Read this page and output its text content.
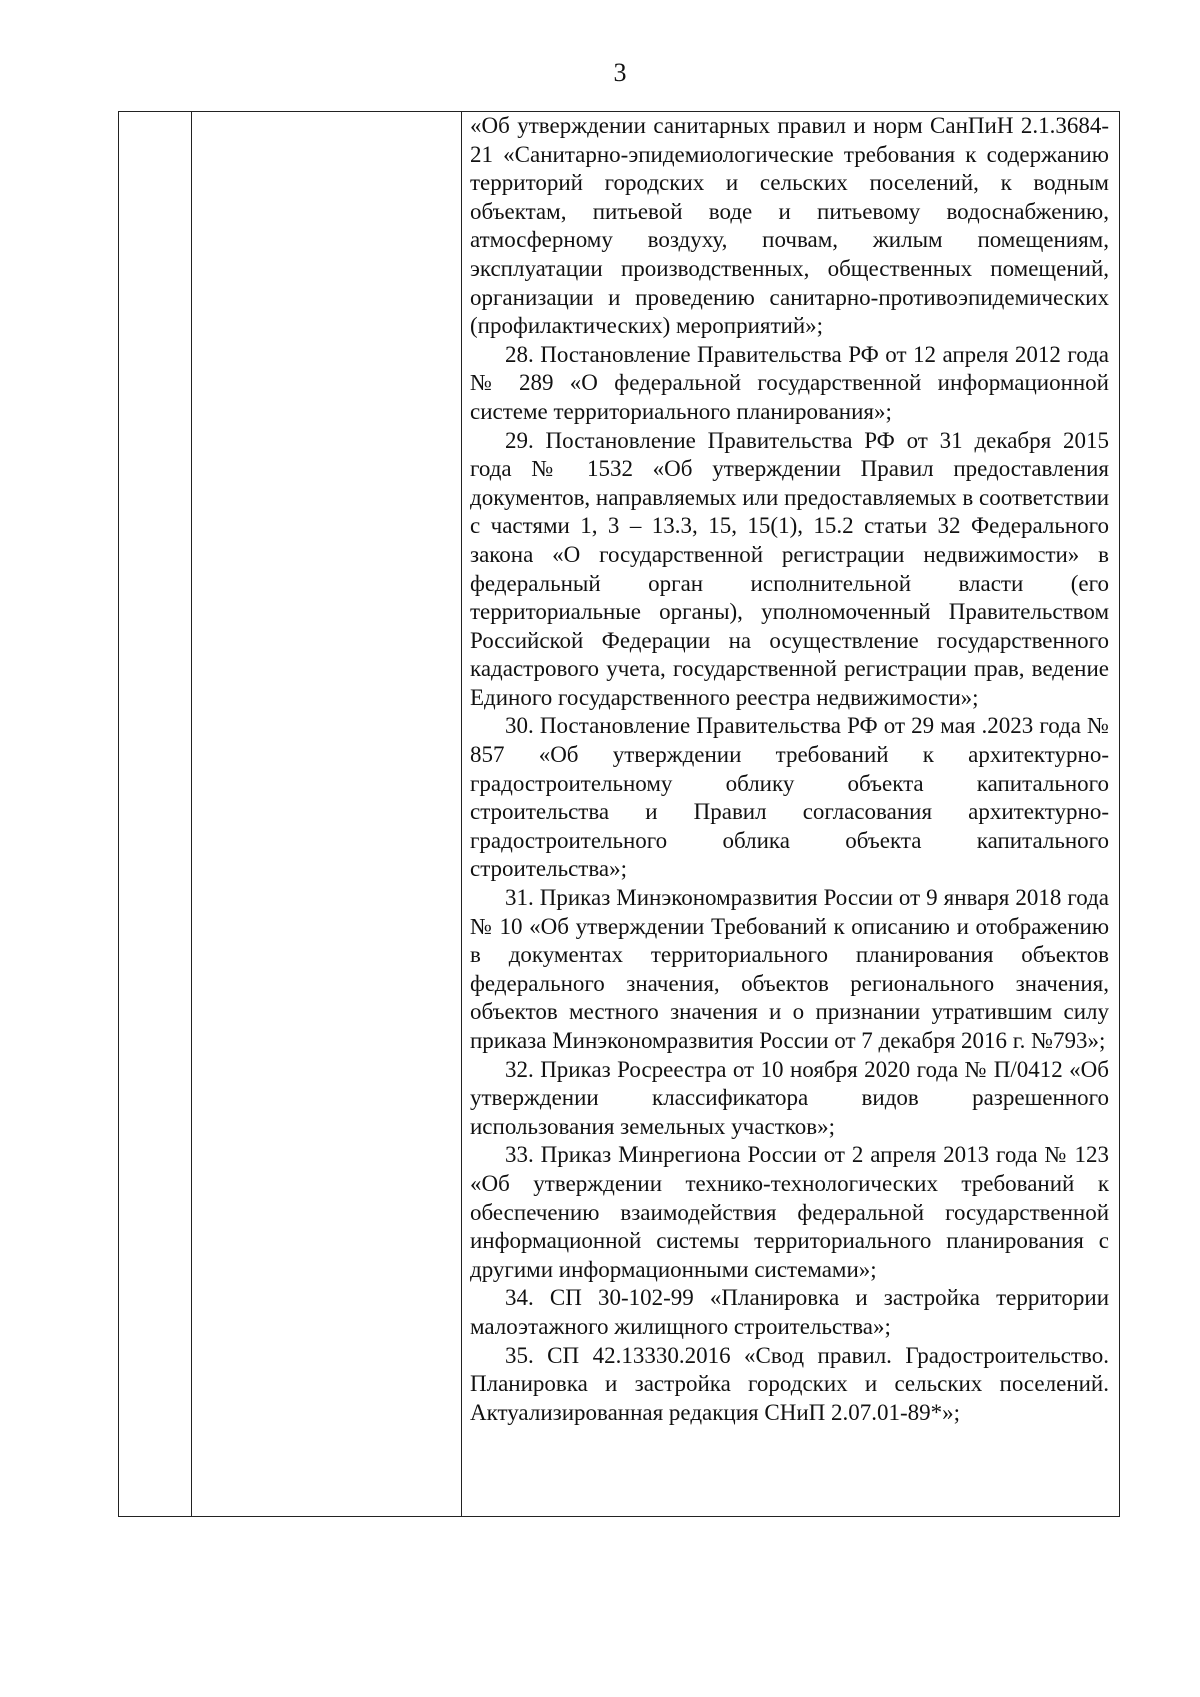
3

«Об утверждении санитарных правил и норм СанПиН 2.1.3684-21 «Санитарно-эпидемиологические требования к содержанию территорий городских и сельских поселений, к водным объектам, питьевой воде и питьевому водоснабжению, атмосферному воздуху, почвам, жилым помещениям, эксплуатации производственных, общественных помещений, организации и проведению санитарно-противоэпидемических (профилактических) мероприятий»;

28. Постановление Правительства РФ от 12 апреля 2012 года № 289 «О федеральной государственной информационной системе территориального планирования»;

29. Постановление Правительства РФ от 31 декабря 2015 года № 1532 «Об утверждении Правил предоставления документов, направляемых или предоставляемых в соответствии с частями 1, 3 – 13.3, 15, 15(1), 15.2 статьи 32 Федерального закона «О государственной регистрации недвижимости» в федеральный орган исполнительной власти (его территориальные органы), уполномоченный Правительством Российской Федерации на осуществление государственного кадастрового учета, государственной регистрации прав, ведение Единого государственного реестра недвижимости»;

30. Постановление Правительства РФ от 29 мая .2023 года № 857 «Об утверждении требований к архитектурно-градостроительному облику объекта капитального строительства и Правил согласования архитектурно-градостроительного облика объекта капитального строительства»;

31. Приказ Минэкономразвития России от 9 января 2018 года № 10 «Об утверждении Требований к описанию и отображению в документах территориального планирования объектов федерального значения, объектов регионального значения, объектов местного значения и о признании утратившим силу приказа Минэкономразвития России от 7 декабря 2016 г. №793»;

32. Приказ Росреестра от 10 ноября 2020 года № П/0412 «Об утверждении классификатора видов разрешенного использования земельных участков»;

33. Приказ Минрегиона России от 2 апреля 2013 года № 123 «Об утверждении технико-технологических требований к обеспечению взаимодействия федеральной государственной информационной системы территориального планирования с другими информационными системами»;

34. СП 30-102-99 «Планировка и застройка территории малоэтажного жилищного строительства»;

35. СП 42.13330.2016 «Свод правил. Градостроительство. Планировка и застройка городских и сельских поселений. Актуализированная редакция СНиП 2.07.01-89*»;
